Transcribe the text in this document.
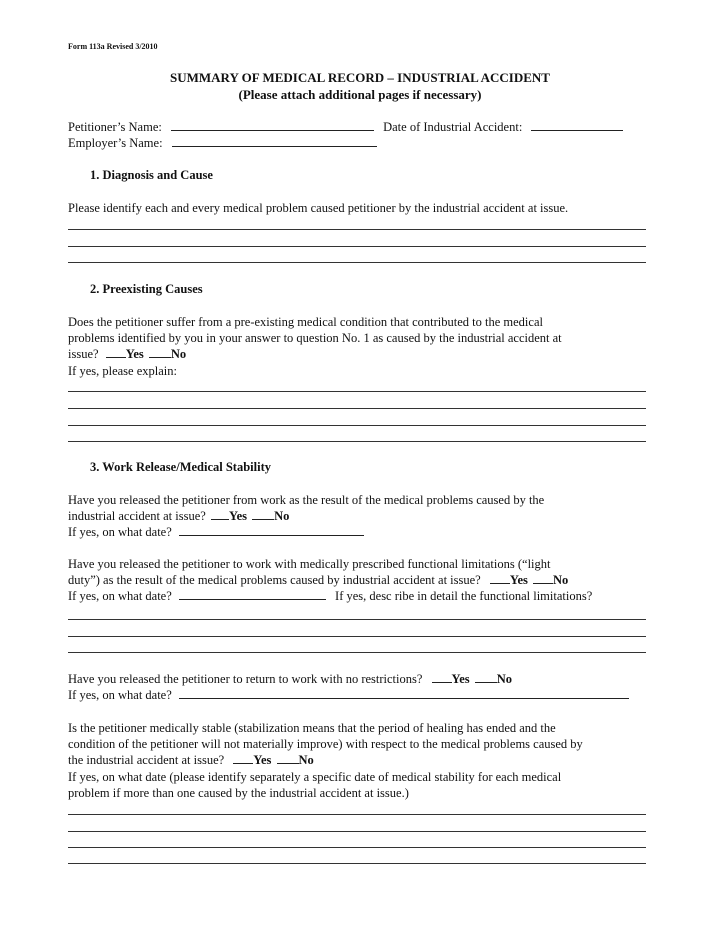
Form 113a Revised 3/2010
SUMMARY OF MEDICAL RECORD – INDUSTRIAL ACCIDENT
(Please attach additional pages if necessary)
Petitioner’s Name:	Date of Industrial Accident:
Employer’s Name:
1. Diagnosis and Cause
Please identify each and every medical problem caused petitioner by the industrial accident at issue.
2. Preexisting Causes
Does the petitioner suffer from a pre-existing medical condition that contributed to the medical
problems identified by you in your answer to question No. 1 as caused by the industrial accident at
issue? Yes No
If yes, please explain:
3. Work Release/Medical Stability
Have you released the petitioner from work as the result of the medical problems caused by the
industrial accident at issue? Yes No
If yes, on what date?
Have you released the petitioner to work with medically prescribed functional limitations (“light
duty”) as the result of the medical problems caused by industrial accident at issue? Yes No
If yes, on what date?	If yes, desc ribe in detail the functional limitations?
Have you released the petitioner to return to work with no restrictions? Yes No
If yes, on what date?
Is the petitioner medically stable (stabilization means that the period of healing has ended and the
condition of the petitioner will not materially improve) with respect to the medical problems caused by
the industrial accident at issue? Yes No
If yes, on what date (please identify separately a specific date of medical stability for each medical
problem if more than one caused by the industrial accident at issue.)
